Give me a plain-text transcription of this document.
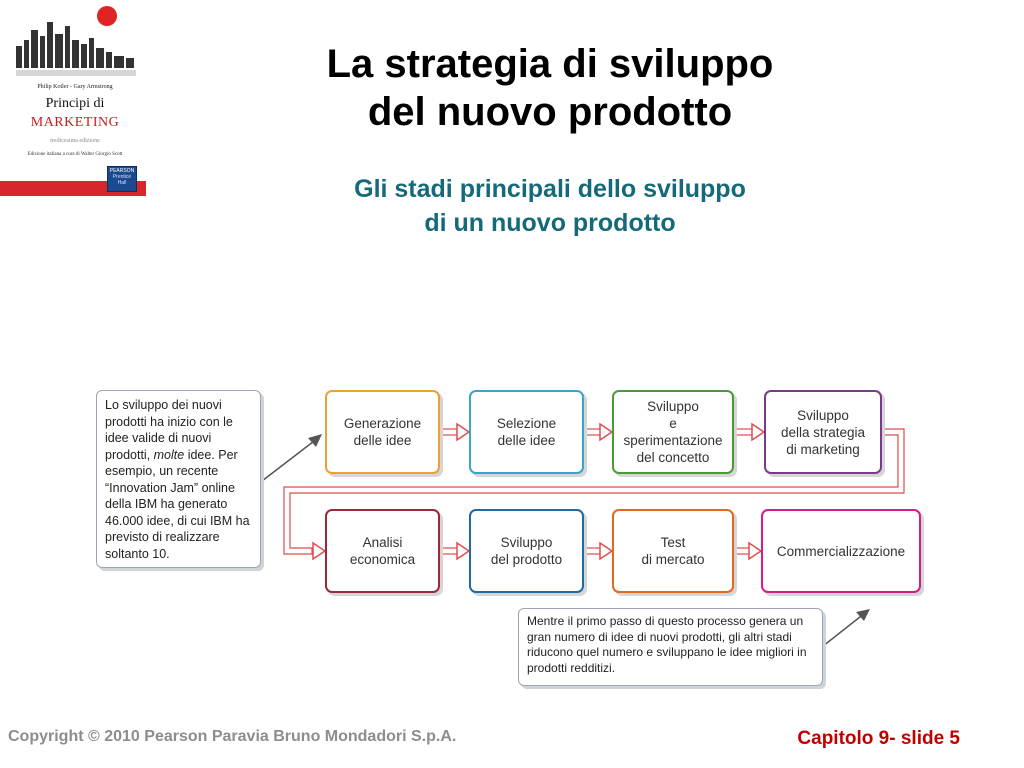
Philip Kotler - Gary Armstrong
Principi di
MARKETING
tredicesima edizione
Edizione italiana a cura di Walter Giorgio Scott
PEARSON
Prentice Hall
La strategia di sviluppo
del nuovo prodotto
Gli stadi principali dello sviluppo
di un nuovo prodotto
Generazione
delle idee
Selezione
delle idee
Sviluppo
e
sperimentazione
del concetto
Sviluppo
della strategia
di marketing
Analisi
economica
Sviluppo
del prodotto
Test
di mercato
Commercializzazione
Lo sviluppo dei nuovi prodotti ha inizio con le idee valide di nuovi prodotti, molte idee. Per esempio, un recente “Innovation Jam” online della IBM ha generato 46.000 idee, di cui IBM ha previsto di realizzare soltanto 10.
Mentre il primo passo di questo processo genera un gran numero di idee di nuovi prodotti, gli altri stadi riducono quel numero e sviluppano le idee migliori in prodotti redditizi.
Copyright © 2010 Pearson Paravia Bruno Mondadori S.p.A.	Capitolo 9- slide 5
